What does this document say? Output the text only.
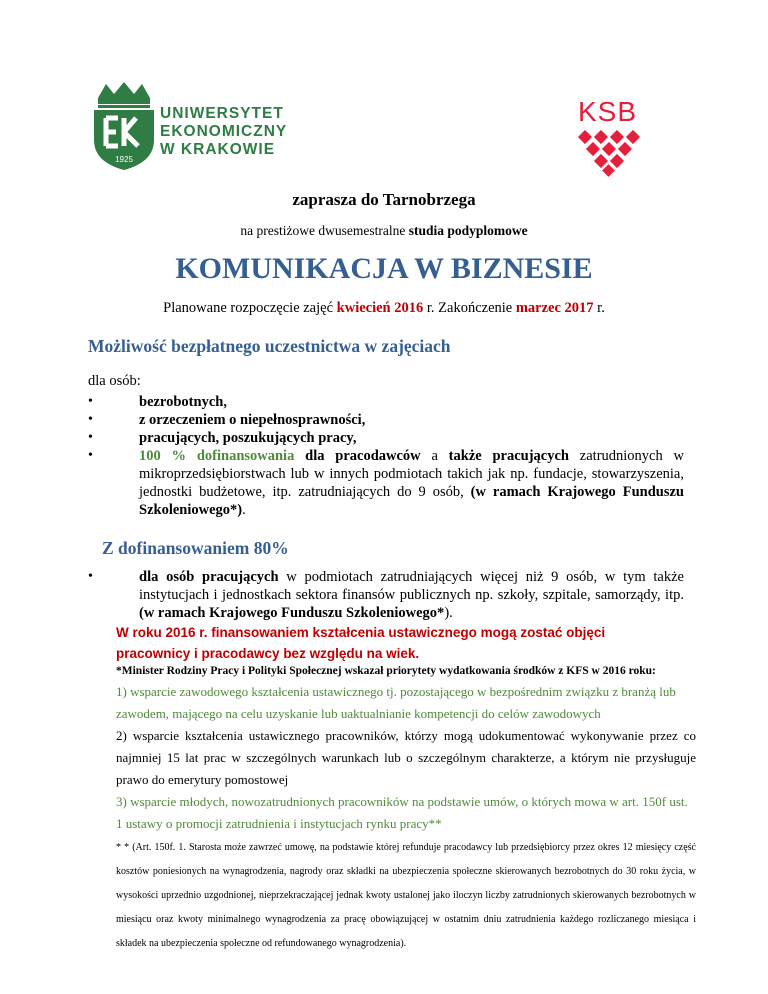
1925
UNIWERSYTET
EKONOMICZNY
W KRAKOWIE
KSB
zaprasza do Tarnobrzega
na prestiżowe dwusemestralne studia podyplomowe
KOMUNIKACJA W BIZNESIE
Planowane rozpoczęcie zajęć kwiecień 2016 r. Zakończenie marzec 2017 r.
Możliwość bezpłatnego uczestnictwa w zajęciach
dla osób:
• bezrobotnych,
• z orzeczeniem o niepełnosprawności,
• pracujących, poszukujących pracy,
• 100 % dofinansowania dla pracodawców a także pracujących zatrudnionych w mikroprzedsiębiorstwach lub w innych podmiotach takich jak np. fundacje, stowarzyszenia, jednostki budżetowe, itp. zatrudniających do 9 osób, (w ramach Krajowego Funduszu Szkoleniowego*).
Z dofinansowaniem 80%
• dla osób pracujących w podmiotach zatrudniających więcej niż 9 osób, w tym także instytucjach i jednostkach sektora finansów publicznych np. szkoły, szpitale, samorządy, itp. (w ramach Krajowego Funduszu Szkoleniowego*).
W roku 2016 r. finansowaniem kształcenia ustawicznego mogą zostać objęci pracownicy i pracodawcy bez względu na wiek.
*Minister Rodziny Pracy i Polityki Społecznej wskazał priorytety wydatkowania środków z KFS w 2016 roku:
1) wsparcie zawodowego kształcenia ustawicznego tj. pozostającego w bezpośrednim związku z branżą lub zawodem, mającego na celu uzyskanie lub uaktualnianie kompetencji do celów zawodowych
2) wsparcie kształcenia ustawicznego pracowników, którzy mogą udokumentować wykonywanie przez co najmniej 15 lat prac w szczególnych warunkach lub o szczególnym charakterze, a którym nie przysługuje prawo do emerytury pomostowej
3) wsparcie młodych, nowozatrudnionych pracowników na podstawie umów, o których mowa w art. 150f ust. 1 ustawy o promocji zatrudnienia i instytucjach rynku pracy**
* * (Art. 150f. 1. Starosta może zawrzeć umowę, na podstawie której refunduje pracodawcy lub przedsiębiorcy przez okres 12 miesięcy część kosztów poniesionych na wynagrodzenia, nagrody oraz składki na ubezpieczenia społeczne skierowanych bezrobotnych do 30 roku życia, w wysokości uprzednio uzgodnionej, nieprzekraczającej jednak kwoty ustalonej jako iloczyn liczby zatrudnionych skierowanych bezrobotnych w miesiącu oraz kwoty minimalnego wynagrodzenia za pracę obowiązującej w ostatnim dniu zatrudnienia każdego rozliczanego miesiąca i składek na ubezpieczenia społeczne od refundowanego wynagrodzenia).
